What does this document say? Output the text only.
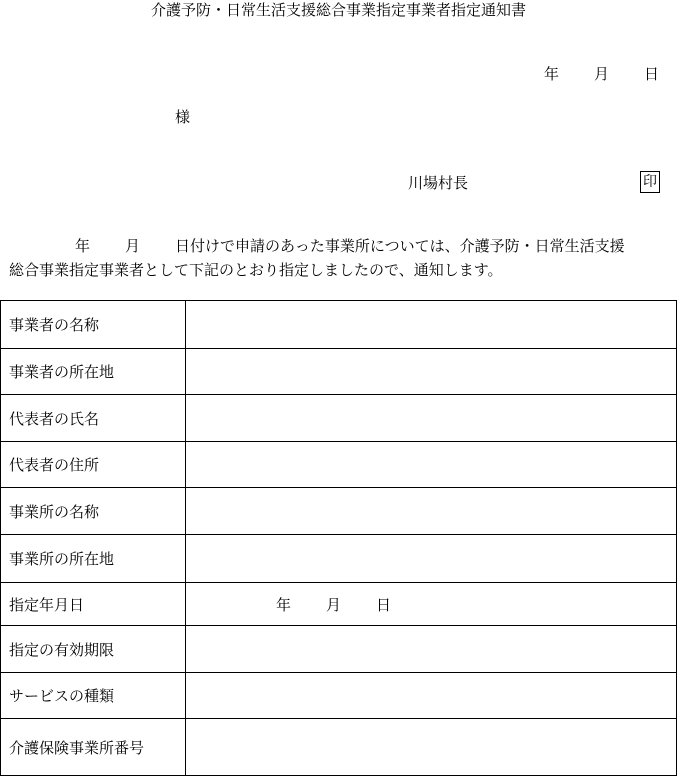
介護予防・日常生活支援総合事業指定事業者指定通知書
年 月 日
様
川場村長	印
年 月 日付けで申請のあった事業所については、介護予防・日常生活支援
総合事業指定事業者として下記のとおり指定しましたので、通知します。
事業者の名称	
事業者の所在地	
代表者の氏名	
代表者の住所	
事業所の名称	
事業所の所在地	
指定年月日	年 月 日
指定の有効期限	
サービスの種類	
介護保険事業所番号	
